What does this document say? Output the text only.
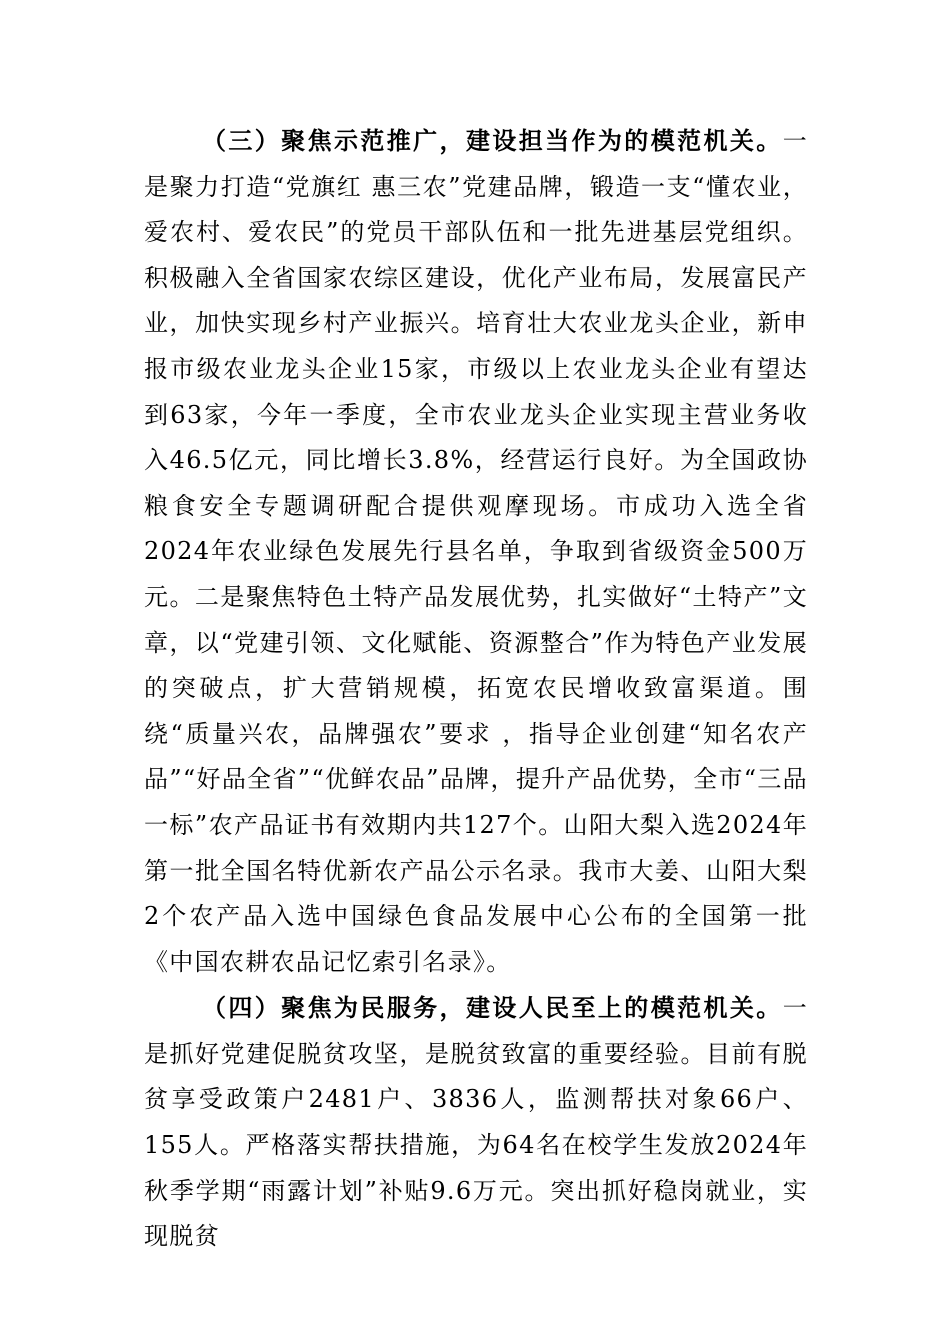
（三）聚焦示范推广，建设担当作为的模范机关。一是聚力打造“党旗红 惠三农”党建品牌，锻造一支“懂农业，爱农村、爱农民”的党员干部队伍和一批先进基层党组织。积极融入全省国家农综区建设，优化产业布局，发展富民产业，加快实现乡村产业振兴。培育壮大农业龙头企业，新申报市级农业龙头企业15家，市级以上农业龙头企业有望达到63家，今年一季度，全市农业龙头企业实现主营业务收入46.5亿元，同比增长3.8%，经营运行良好。为全国政协粮食安全专题调研配合提供观摩现场。市成功入选全省2024年农业绿色发展先行县名单，争取到省级资金500万元。二是聚焦特色土特产品发展优势，扎实做好“土特产”文章，以“党建引领、文化赋能、资源整合”作为特色产业发展的突破点，扩大营销规模，拓宽农民增收致富渠道。围绕“质量兴农，品牌强农”要求 ，指导企业创建“知名农产品”“好品全省”“优鲜农品”品牌，提升产品优势，全市“三品一标”农产品证书有效期内共127个。山阳大梨入选2024年第一批全国名特优新农产品公示名录。我市大姜、山阳大梨2个农产品入选中国绿色食品发展中心公布的全国第一批《中国农耕农品记忆索引名录》。

（四）聚焦为民服务，建设人民至上的模范机关。一是抓好党建促脱贫攻坚，是脱贫致富的重要经验。目前有脱贫享受政策户2481户、3836人，监测帮扶对象66户、155人。严格落实帮扶措施，为64名在校学生发放2024年秋季学期“雨露计划”补贴9.6万元。突出抓好稳岗就业，实现脱贫
